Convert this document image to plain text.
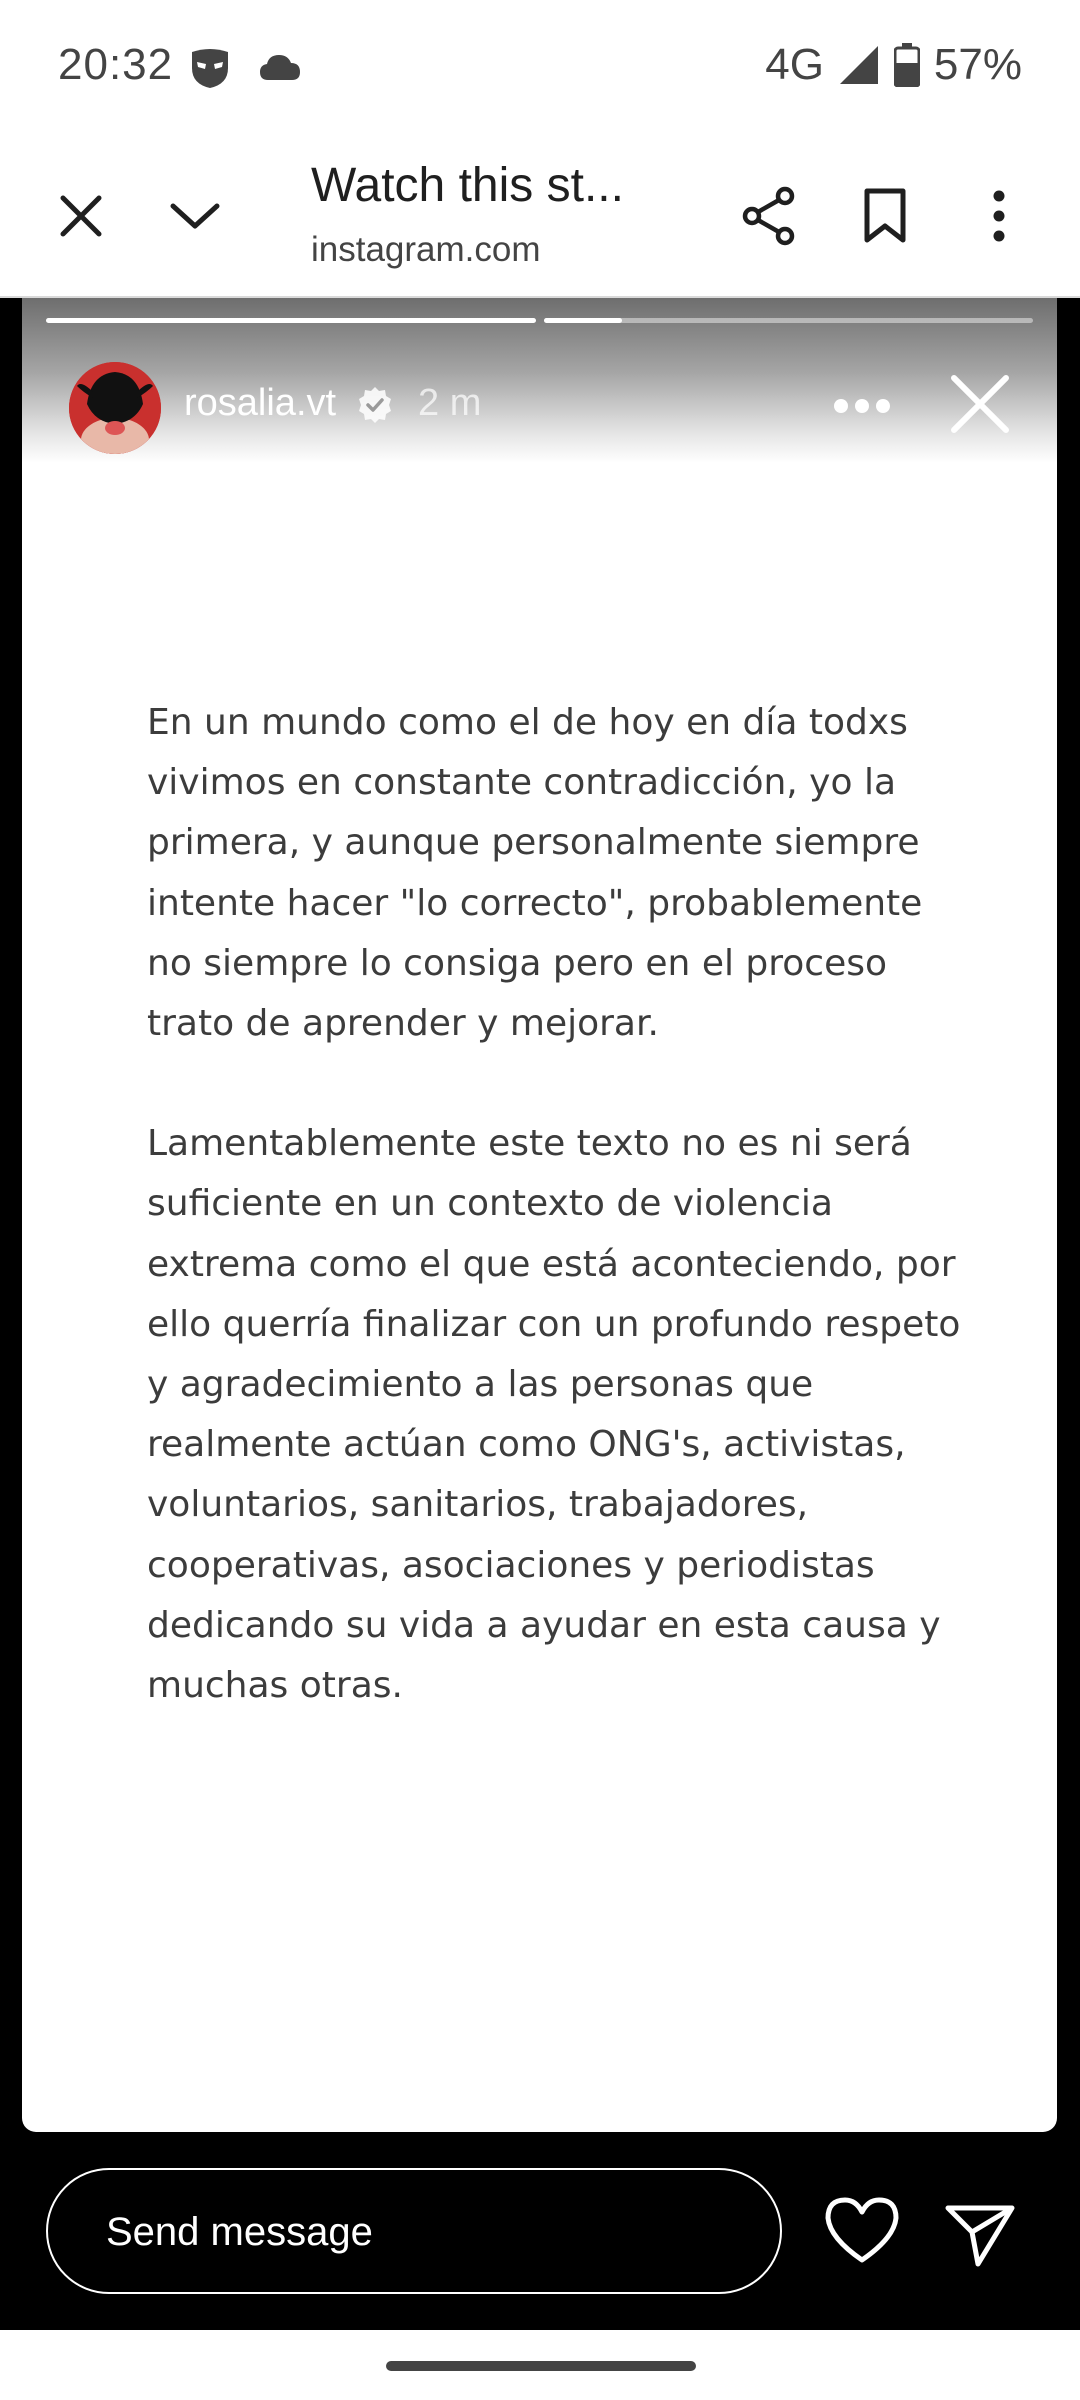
20:32	4G	57%
Watch this st...
instagram.com
rosalia.vt 2 m

En un mundo como el de hoy en día todxs vivimos en constante contradicción, yo la primera, y aunque personalmente siempre intente hacer "lo correcto", probablemente no siempre lo consiga pero en el proceso trato de aprender y mejorar.

Lamentablemente este texto no es ni será suficiente en un contexto de violencia extrema como el que está aconteciendo, por ello querría finalizar con un profundo respeto y agradecimiento a las personas que realmente actúan como ONG's, activistas, voluntarios, sanitarios, trabajadores, cooperativas, asociaciones y periodistas dedicando su vida a ayudar en esta causa y muchas otras.

Send message
